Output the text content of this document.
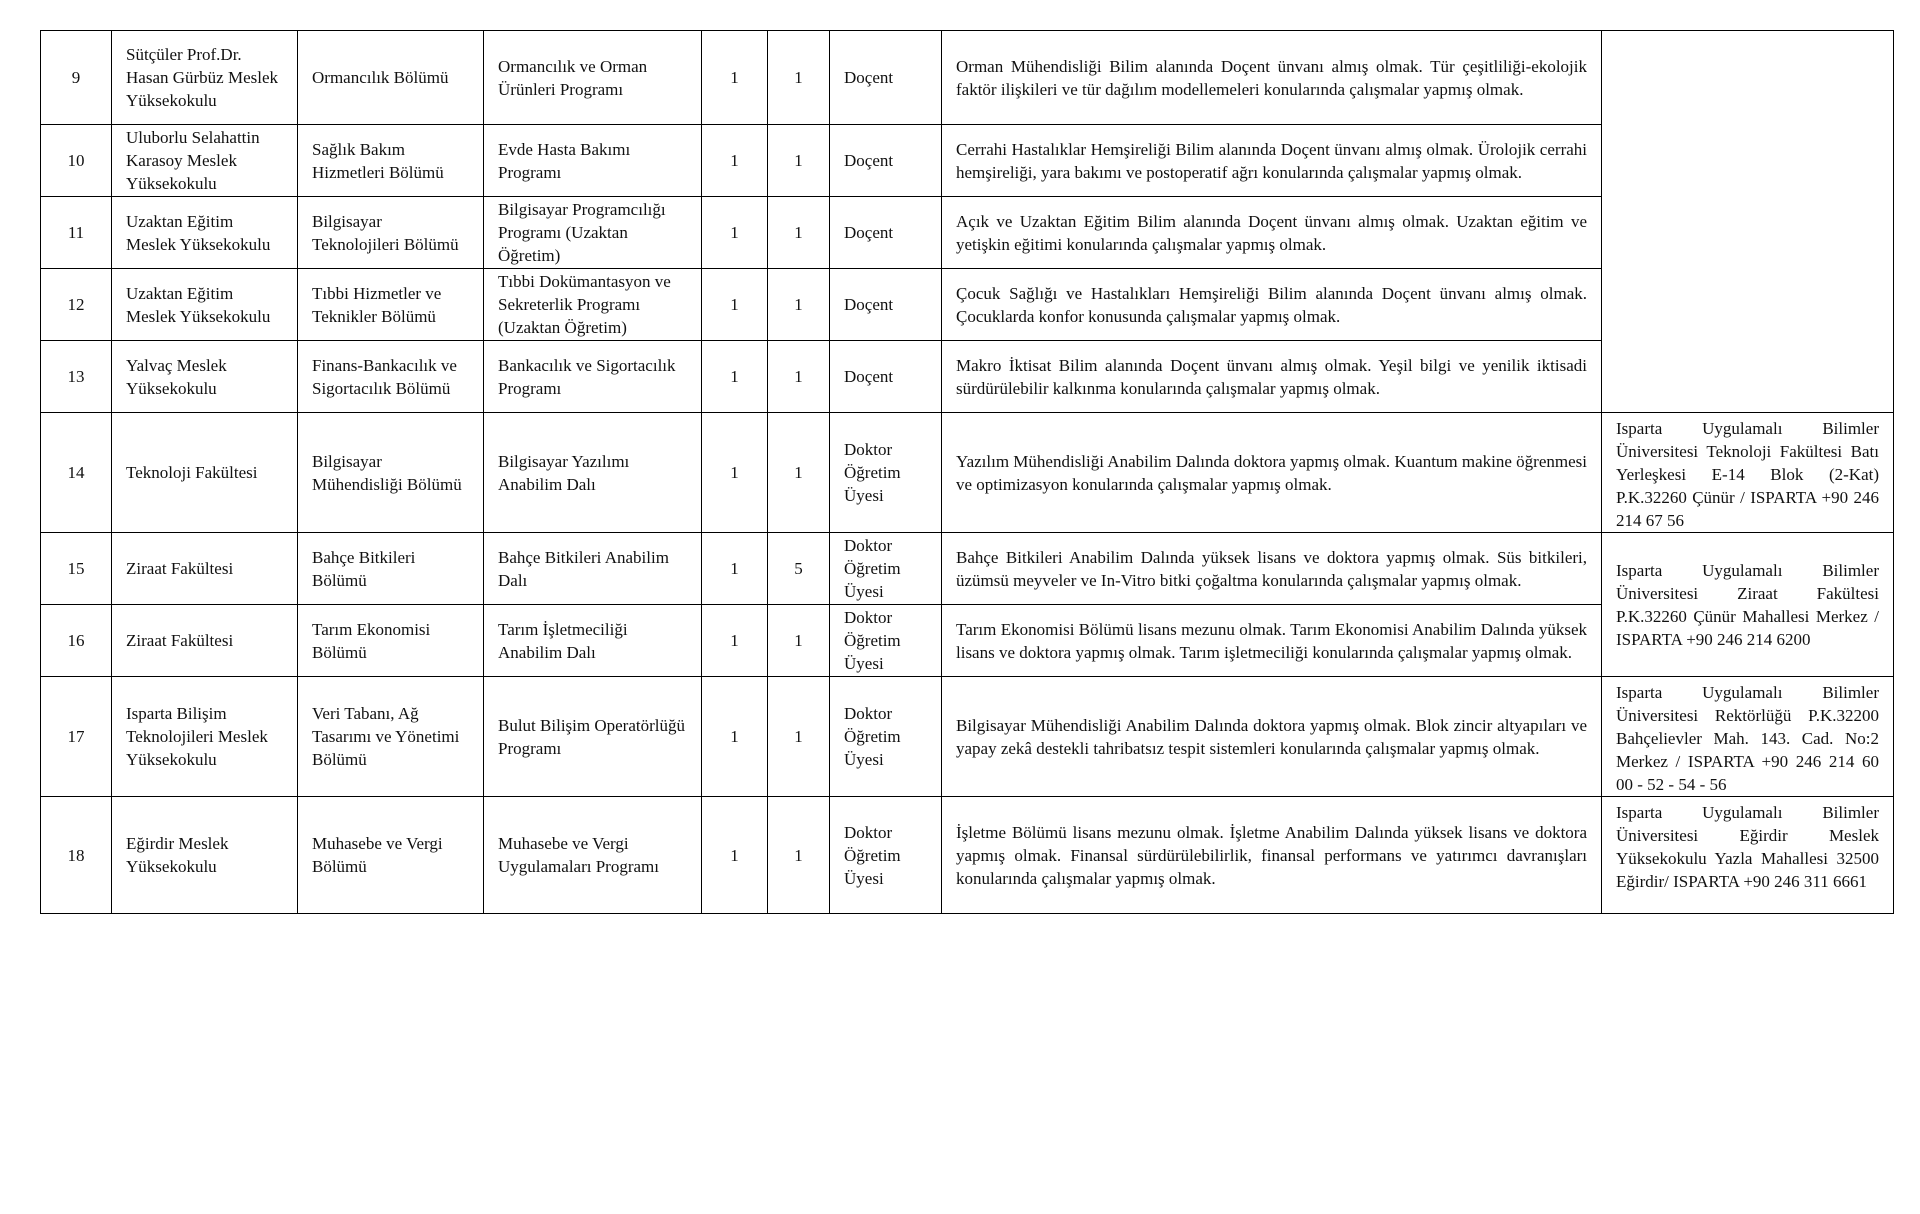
9	Sütçüler Prof.Dr. Hasan Gürbüz Meslek Yüksekokulu	Ormancılık Bölümü	Ormancılık ve Orman Ürünleri Programı	1	1	Doçent	Orman Mühendisliği Bilim alanında Doçent ünvanı almış olmak. Tür çeşitliliği-ekolojik faktör ilişkileri ve tür dağılım modellemeleri konularında çalışmalar yapmış olmak.	
10	Uluborlu Selahattin Karasoy Meslek Yüksekokulu	Sağlık Bakım Hizmetleri Bölümü	Evde Hasta Bakımı Programı	1	1	Doçent	Cerrahi Hastalıklar Hemşireliği Bilim alanında Doçent ünvanı almış olmak. Ürolojik cerrahi hemşireliği, yara bakımı ve postoperatif ağrı konularında çalışmalar yapmış olmak.	
11	Uzaktan Eğitim Meslek Yüksekokulu	Bilgisayar Teknolojileri Bölümü	Bilgisayar Programcılığı Programı (Uzaktan Öğretim)	1	1	Doçent	Açık ve Uzaktan Eğitim Bilim alanında Doçent ünvanı almış olmak. Uzaktan eğitim ve yetişkin eğitimi konularında çalışmalar yapmış olmak.	
12	Uzaktan Eğitim Meslek Yüksekokulu	Tıbbi Hizmetler ve Teknikler Bölümü	Tıbbi Dokümantasyon ve Sekreterlik Programı (Uzaktan Öğretim)	1	1	Doçent	Çocuk Sağlığı ve Hastalıkları Hemşireliği Bilim alanında Doçent ünvanı almış olmak. Çocuklarda konfor konusunda çalışmalar yapmış olmak.	
13	Yalvaç Meslek Yüksekokulu	Finans-Bankacılık ve Sigortacılık Bölümü	Bankacılık ve Sigortacılık Programı	1	1	Doçent	Makro İktisat Bilim alanında Doçent ünvanı almış olmak. Yeşil bilgi ve yenilik iktisadi sürdürülebilir kalkınma konularında çalışmalar yapmış olmak.	
14	Teknoloji Fakültesi	Bilgisayar Mühendisliği Bölümü	Bilgisayar Yazılımı Anabilim Dalı	1	1	Doktor Öğretim Üyesi	Yazılım Mühendisliği Anabilim Dalında doktora yapmış olmak. Kuantum makine öğrenmesi ve optimizasyon konularında çalışmalar yapmış olmak.	Isparta Uygulamalı Bilimler Üniversitesi Teknoloji Fakültesi Batı Yerleşkesi E-14 Blok (2-Kat) P.K.32260 Çünür / ISPARTA +90 246 214 67 56
15	Ziraat Fakültesi	Bahçe Bitkileri Bölümü	Bahçe Bitkileri Anabilim Dalı	1	5	Doktor Öğretim Üyesi	Bahçe Bitkileri Anabilim Dalında yüksek lisans ve doktora yapmış olmak. Süs bitkileri, üzümsü meyveler ve In-Vitro bitki çoğaltma konularında çalışmalar yapmış olmak.	Isparta Uygulamalı Bilimler Üniversitesi Ziraat Fakültesi P.K.32260 Çünür Mahallesi Merkez / ISPARTA +90 246 214 6200
16	Ziraat Fakültesi	Tarım Ekonomisi Bölümü	Tarım İşletmeciliği Anabilim Dalı	1	1	Doktor Öğretim Üyesi	Tarım Ekonomisi Bölümü lisans mezunu olmak. Tarım Ekonomisi Anabilim Dalında yüksek lisans ve doktora yapmış olmak. Tarım işletmeciliği konularında çalışmalar yapmış olmak.	
17	Isparta Bilişim Teknolojileri Meslek Yüksekokulu	Veri Tabanı, Ağ Tasarımı ve Yönetimi Bölümü	Bulut Bilişim Operatörlüğü Programı	1	1	Doktor Öğretim Üyesi	Bilgisayar Mühendisliği Anabilim Dalında doktora yapmış olmak. Blok zincir altyapıları ve yapay zekâ destekli tahribatsız tespit sistemleri konularında çalışmalar yapmış olmak.	Isparta Uygulamalı Bilimler Üniversitesi Rektörlüğü P.K.32200 Bahçelievler Mah. 143. Cad. No:2 Merkez / ISPARTA +90 246 214 60 00 - 52 - 54 - 56
18	Eğirdir Meslek Yüksekokulu	Muhasebe ve Vergi Bölümü	Muhasebe ve Vergi Uygulamaları Programı	1	1	Doktor Öğretim Üyesi	İşletme Bölümü lisans mezunu olmak. İşletme Anabilim Dalında yüksek lisans ve doktora yapmış olmak. Finansal sürdürülebilirlik, finansal performans ve yatırımcı davranışları konularında çalışmalar yapmış olmak.	Isparta Uygulamalı Bilimler Üniversitesi Eğirdir Meslek Yüksekokulu Yazla Mahallesi 32500 Eğirdir/ ISPARTA +90 246 311 6661
